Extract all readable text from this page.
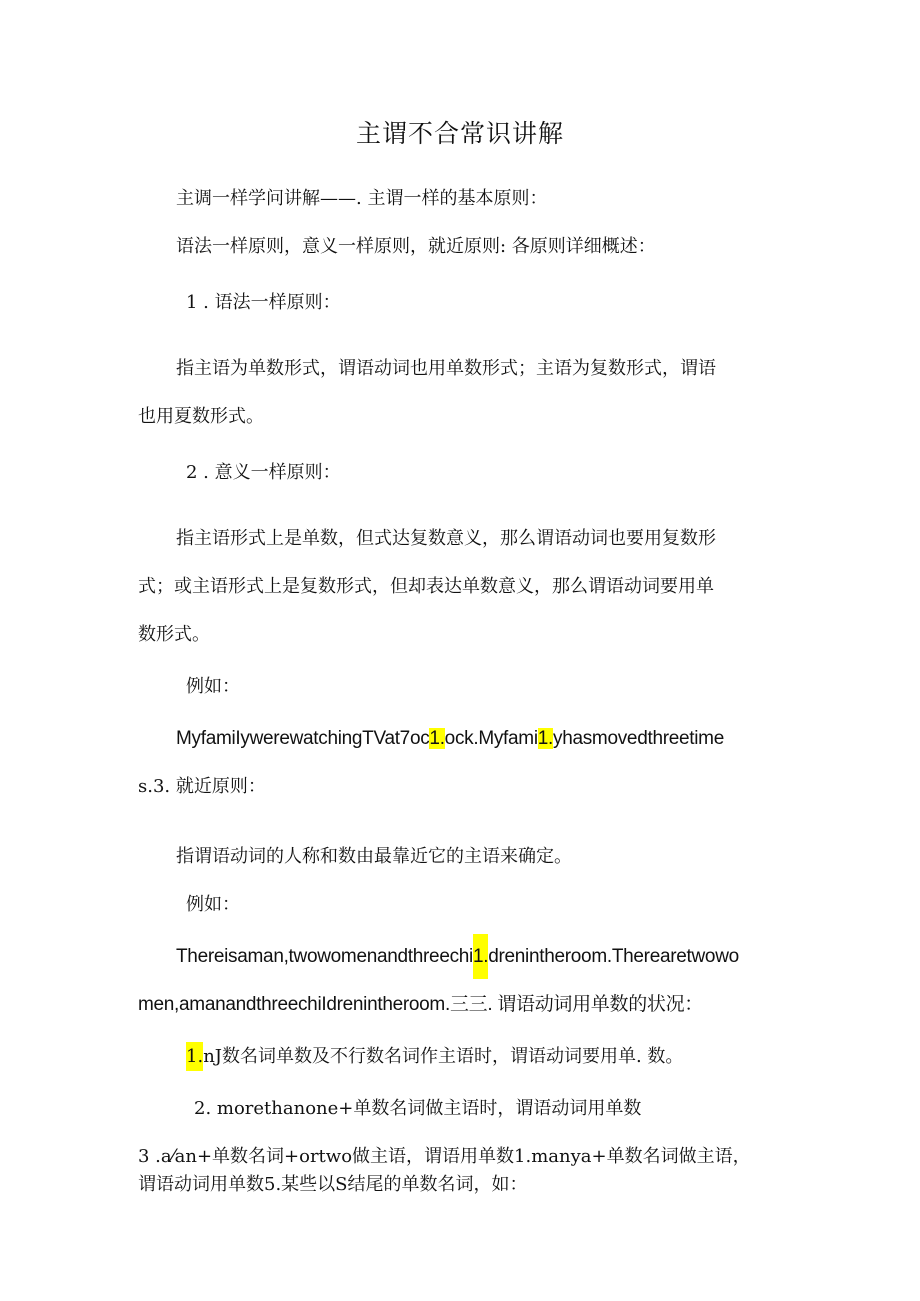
主谓不合常识讲解
主调一样学问讲解——. 主谓一样的基本原则：
语法一样原则，意义一样原则，就近原则: 各原则详细概述：
1 . 语法一样原则：
指主语为单数形式，谓语动词也用单数形式；主语为复数形式，谓语
也用夏数形式。
2 . 意义一样原则：
指主语形式上是单数，但式达复数意义，那么谓语动词也要用复数形
式；或主语形式上是复数形式，但却表达单数意义，那么谓语动词要用单
数形式。
例如：
MyfamiIywerewatchingTVat7oc1.ock.Myfami1.yhasmovedthreetime
s.3. 就近原则：
指谓语动词的人称和数由最靠近它的主语来确定。
例如：
Thereisaman,twowomenandthreechi1.drenintheroom.Therearetwowo
men,amanandthreechiIdrenintheroom.三三. 谓语动词用单数的状况：
1.nJ数名词单数及不行数名词作主语时，谓语动词要用单. 数。
2. morethanone+单数名词做主语时，谓语动词用单数
3 .a⁄an+单数名词+ortwo做主语，谓语用单数1.manya+单数名词做主语，
谓语动词用单数5.某些以S结尾的单数名词，如：
